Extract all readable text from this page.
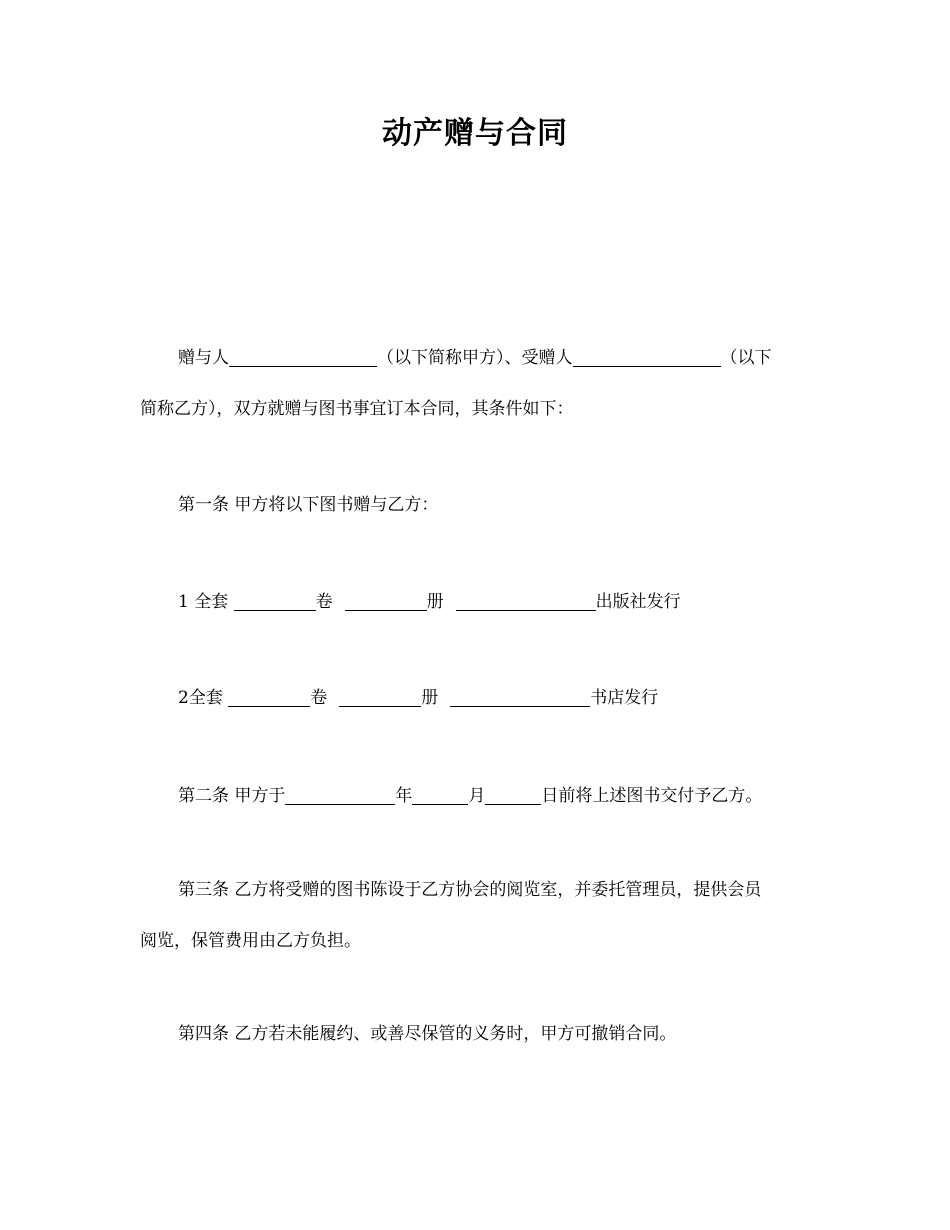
动产赠与合同
赠与人	（以下简称甲方）、受赠人	（以下
简称乙方），双方就赠与图书事宜订本合同，其条件如下：
第一条 甲方将以下图书赠与乙方：
1 全套	卷	册	出版社发行
2全套	卷	册	书店发行
第二条 甲方于	年	月	日前将上述图书交付予乙方。
第三条 乙方将受赠的图书陈设于乙方协会的阅览室，并委托管理员，提供会员
阅览，保管费用由乙方负担。
第四条 乙方若未能履约、或善尽保管的义务时，甲方可撤销合同。
